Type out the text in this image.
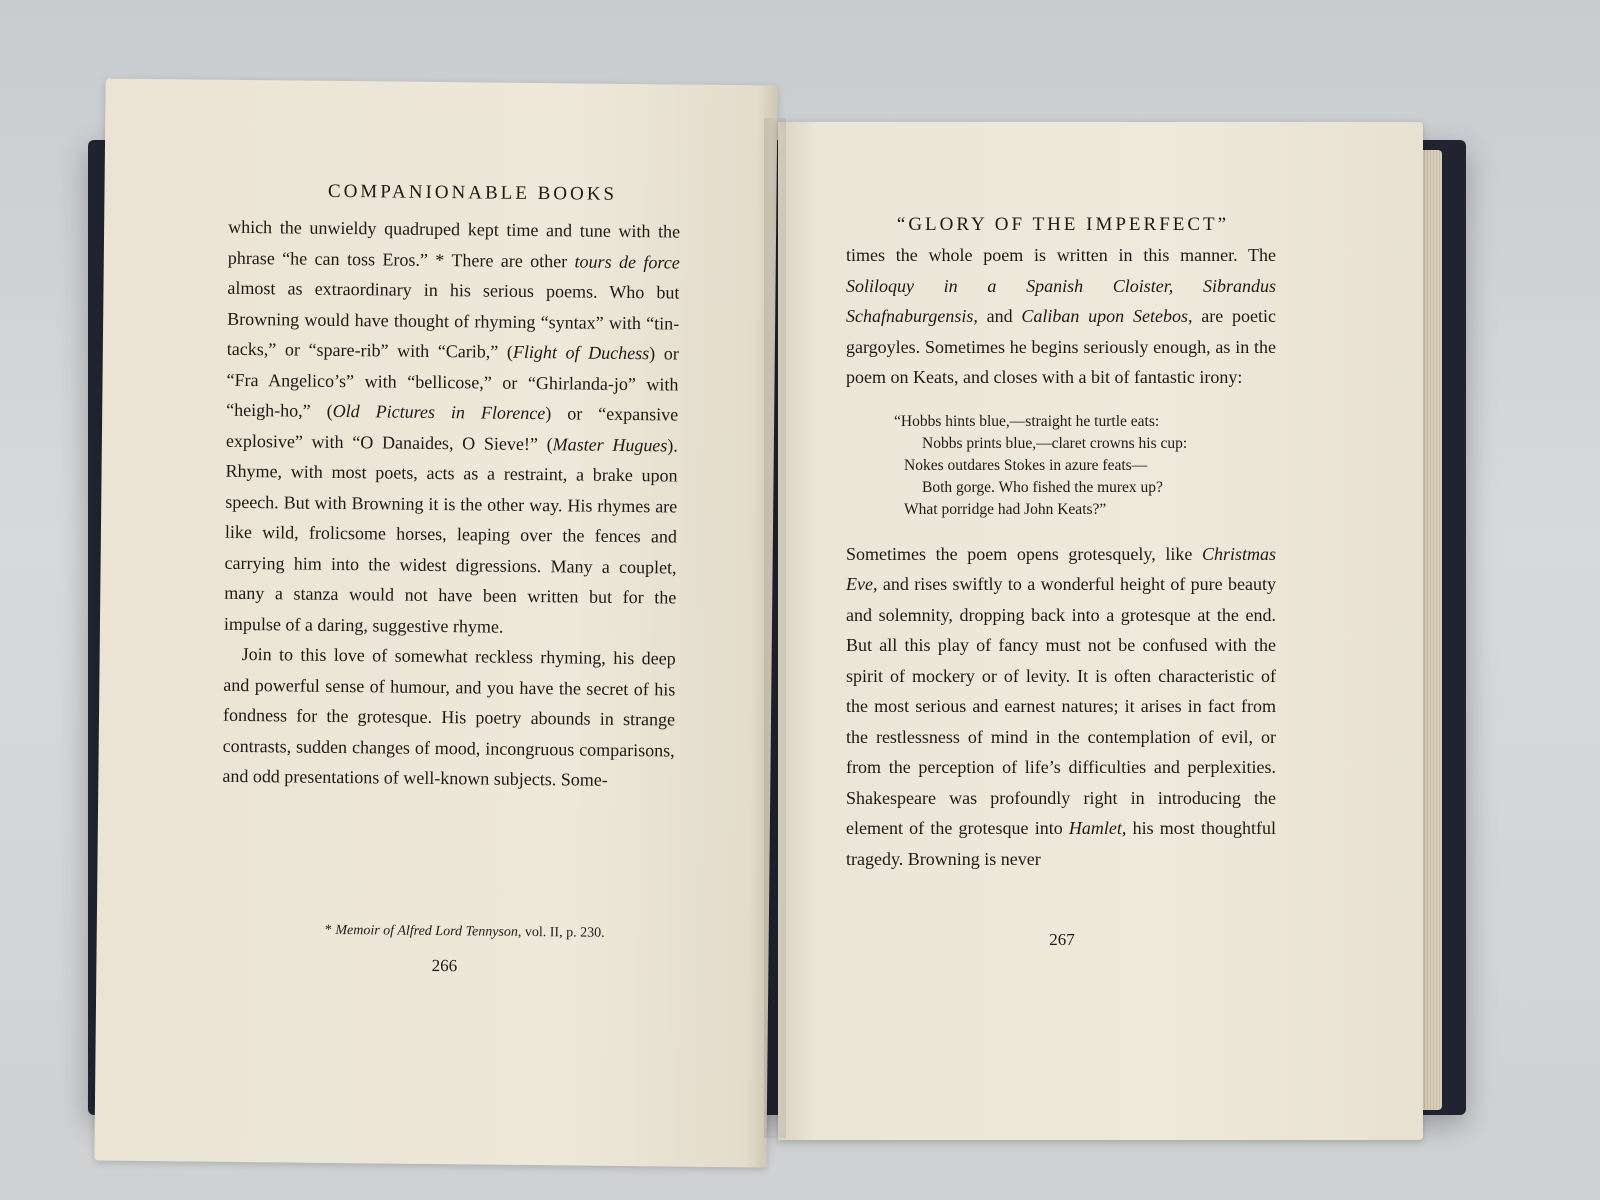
COMPANIONABLE BOOKS

which the unwieldy quadruped kept time and tune with the phrase “he can toss Eros.” * There are other tours de force almost as extraordinary in his serious poems. Who but Browning would have thought of rhyming “syntax” with “tin-tacks,” or “spare-rib” with “Carib,” (Flight of Duchess) or “Fra Angelico’s” with “bellicose,” or “Ghirlanda-jo” with “heigh-ho,” (Old Pictures in Florence) or “expansive explosive” with “O Danaides, O Sieve!” (Master Hugues). Rhyme, with most poets, acts as a restraint, a brake upon speech. But with Browning it is the other way. His rhymes are like wild, frolicsome horses, leaping over the fences and carrying him into the widest digressions. Many a couplet, many a stanza would not have been written but for the impulse of a daring, suggestive rhyme.

Join to this love of somewhat reckless rhyming, his deep and powerful sense of humour, and you have the secret of his fondness for the grotesque. His poetry abounds in strange contrasts, sudden changes of mood, incongruous comparisons, and odd presentations of well-known subjects. Some-

* Memoir of Alfred Lord Tennyson, vol. II, p. 230.
266
“GLORY OF THE IMPERFECT”

times the whole poem is written in this manner. The Soliloquy in a Spanish Cloister, Sibrandus Schafnaburgensis, and Caliban upon Setebos, are poetic gargoyles. Sometimes he begins seriously enough, as in the poem on Keats, and closes with a bit of fantastic irony:

“Hobbs hints blue,—straight he turtle eats:
Nobbs prints blue,—claret crowns his cup:
Nokes outdares Stokes in azure feats—
Both gorge. Who fished the murex up?
What porridge had John Keats?”

Sometimes the poem opens grotesquely, like Christmas Eve, and rises swiftly to a wonderful height of pure beauty and solemnity, dropping back into a grotesque at the end. But all this play of fancy must not be confused with the spirit of mockery or of levity. It is often characteristic of the most serious and earnest natures; it arises in fact from the restlessness of mind in the contemplation of evil, or from the perception of life’s difficulties and perplexities. Shakespeare was profoundly right in introducing the element of the grotesque into Hamlet, his most thoughtful tragedy. Browning is never

267
